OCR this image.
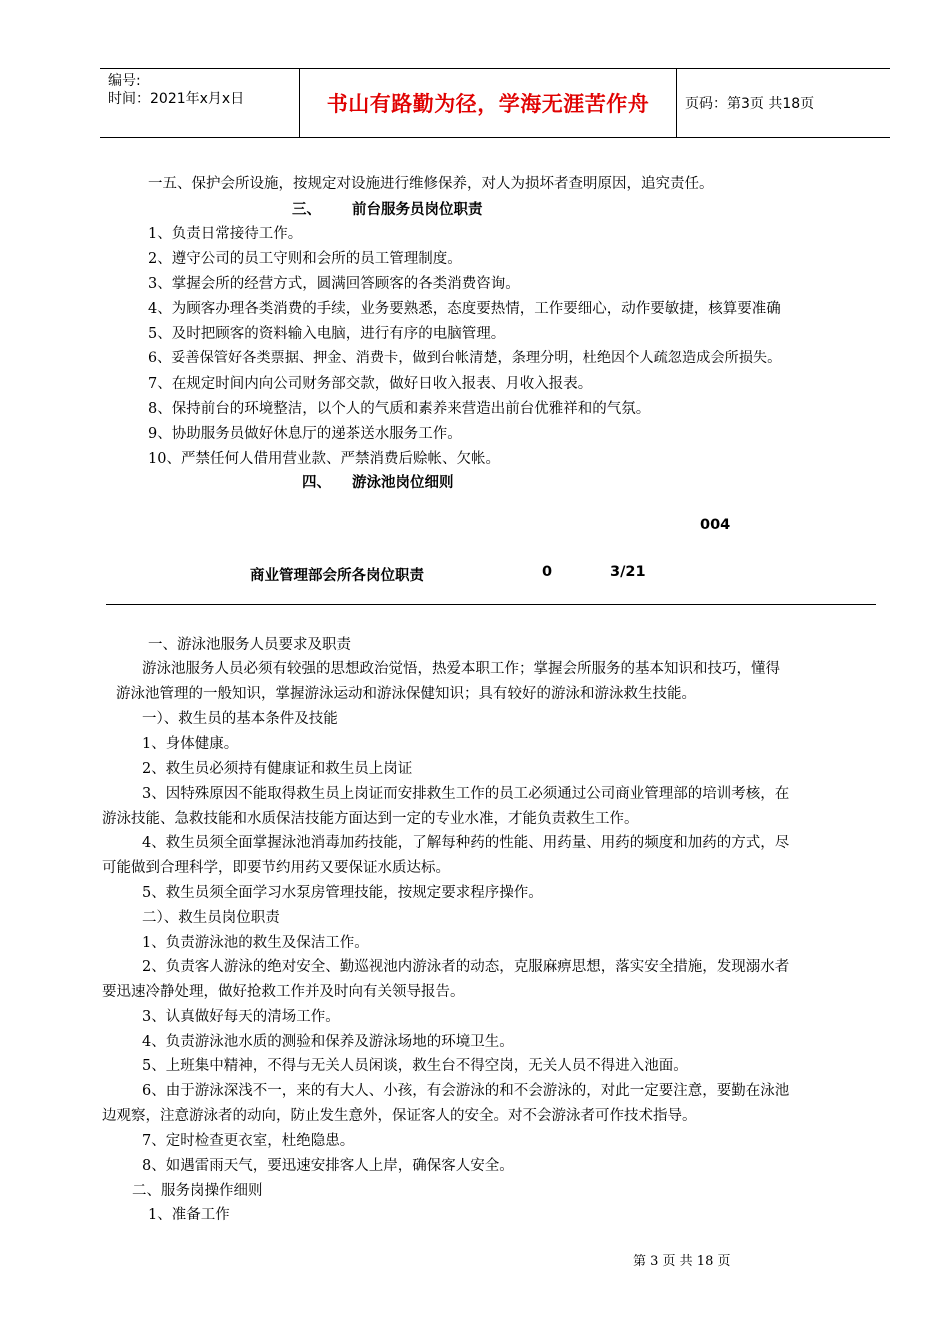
编号:
时间：2021年x月x日	书山有路勤为径，学海无涯苦作舟	页码：第3页 共18页
一五、保护会所设施，按规定对设施进行维修保养，对人为损坏者查明原因，追究责任。
三、 前台服务员岗位职责
1、负责日常接待工作。
2、遵守公司的员工守则和会所的员工管理制度。
3、掌握会所的经营方式，圆满回答顾客的各类消费咨询。
4、为顾客办理各类消费的手续，业务要熟悉，态度要热情，工作要细心，动作要敏捷，核算要准确
5、及时把顾客的资料输入电脑，进行有序的电脑管理。
6、妥善保管好各类票据、押金、消费卡，做到台帐清楚，条理分明，杜绝因个人疏忽造成会所损失。
7、在规定时间内向公司财务部交款，做好日收入报表、月收入报表。
8、保持前台的环境整洁，以个人的气质和素养来营造出前台优雅祥和的气氛。
9、协助服务员做好休息厅的递茶送水服务工作。
10、严禁任何人借用营业款、严禁消费后赊帐、欠帐。
四、 游泳池岗位细则
004
商业管理部会所各岗位职责	0	3/21
一、游泳池服务人员要求及职责
游泳池服务人员必须有较强的思想政治觉悟，热爱本职工作；掌握会所服务的基本知识和技巧，懂得
游泳池管理的一般知识，掌握游泳运动和游泳保健知识；具有较好的游泳和游泳救生技能。
一）、救生员的基本条件及技能
1、身体健康。
2、救生员必须持有健康证和救生员上岗证
3、因特殊原因不能取得救生员上岗证而安排救生工作的员工必须通过公司商业管理部的培训考核，在
游泳技能、急救技能和水质保洁技能方面达到一定的专业水准，才能负责救生工作。
4、救生员须全面掌握泳池消毒加药技能，了解每种药的性能、用药量、用药的频度和加药的方式，尽
可能做到合理科学，即要节约用药又要保证水质达标。
5、救生员须全面学习水泵房管理技能，按规定要求程序操作。
二）、救生员岗位职责
1、负责游泳池的救生及保洁工作。
2、负责客人游泳的绝对安全、勤巡视池内游泳者的动态，克服麻痹思想，落实安全措施，发现溺水者
要迅速冷静处理，做好抢救工作并及时向有关领导报告。
3、认真做好每天的清场工作。
4、负责游泳池水质的测验和保养及游泳场地的环境卫生。
5、上班集中精神，不得与无关人员闲谈，救生台不得空岗，无关人员不得进入池面。
6、由于游泳深浅不一，来的有大人、小孩，有会游泳的和不会游泳的，对此一定要注意，要勤在泳池
边观察，注意游泳者的动向，防止发生意外，保证客人的安全。对不会游泳者可作技术指导。
7、定时检查更衣室，杜绝隐患。
8、如遇雷雨天气，要迅速安排客人上岸，确保客人安全。
二、服务岗操作细则
1、准备工作
第 3 页 共 18 页
